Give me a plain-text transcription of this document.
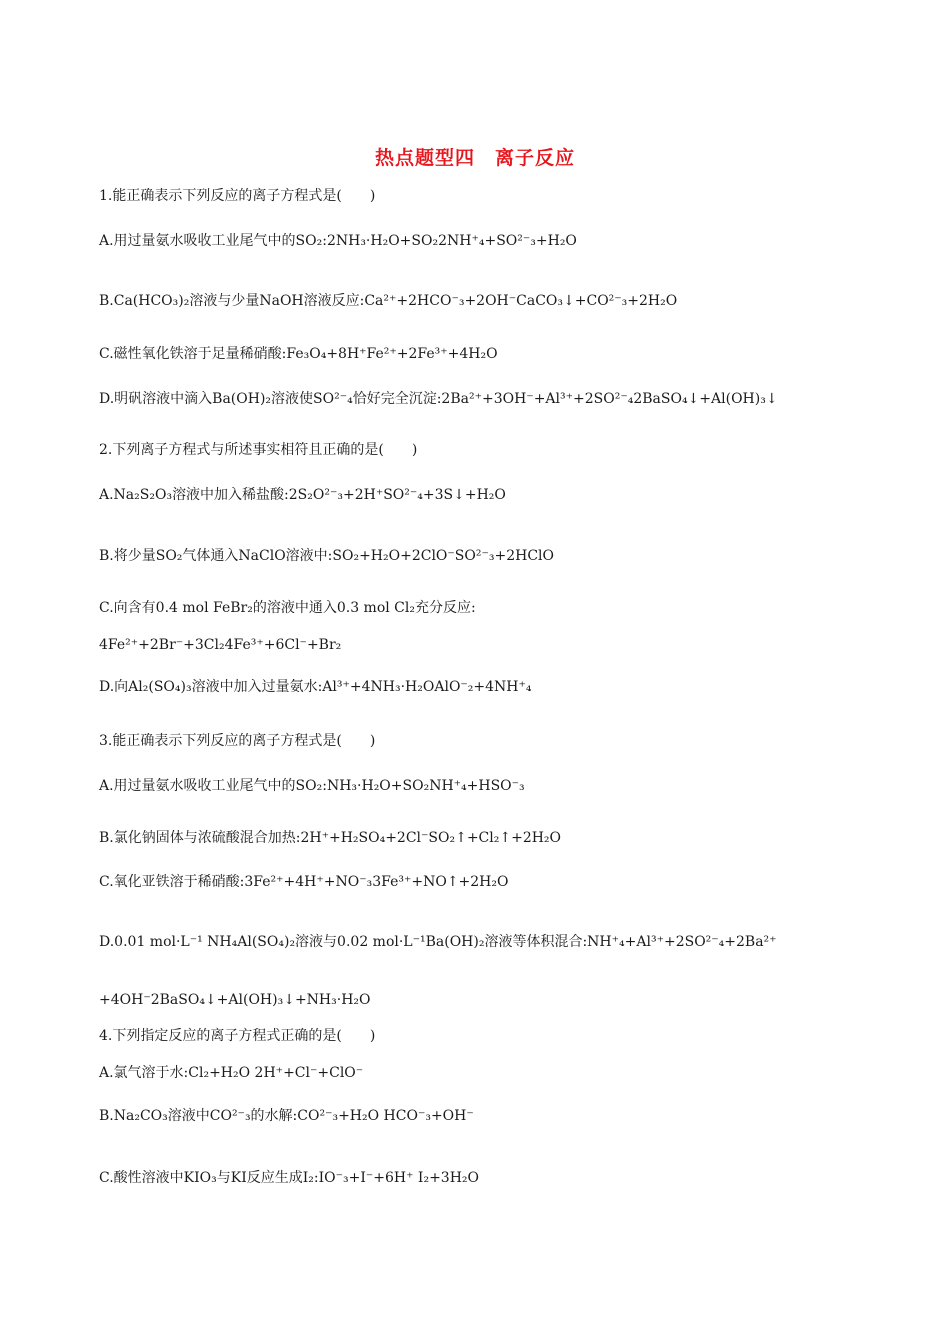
热点题型四　离子反应

1.能正确表示下列反应的离子方程式是(　　)

A.用过量氨水吸收工业尾气中的SO₂:2NH₃·H₂O+SO₂2NH⁺₄+SO²⁻₃+H₂O

B.Ca(HCO₃)₂溶液与少量NaOH溶液反应:Ca²⁺+2HCO⁻₃+2OH⁻CaCO₃↓+CO²⁻₃+2H₂O

C.磁性氧化铁溶于足量稀硝酸:Fe₃O₄+8H⁺Fe²⁺+2Fe³⁺+4H₂O

D.明矾溶液中滴入Ba(OH)₂溶液使SO²⁻₄恰好完全沉淀:2Ba²⁺+3OH⁻+Al³⁺+2SO²⁻₄2BaSO₄↓+Al(OH)₃↓

2.下列离子方程式与所述事实相符且正确的是(　　)

A.Na₂S₂O₃溶液中加入稀盐酸:2S₂O²⁻₃+2H⁺SO²⁻₄+3S↓+H₂O

B.将少量SO₂气体通入NaClO溶液中:SO₂+H₂O+2ClO⁻SO²⁻₃+2HClO

C.向含有0.4 mol FeBr₂的溶液中通入0.3 mol Cl₂充分反应:

4Fe²⁺+2Br⁻+3Cl₂4Fe³⁺+6Cl⁻+Br₂

D.向Al₂(SO₄)₃溶液中加入过量氨水:Al³⁺+4NH₃·H₂OAlO⁻₂+4NH⁺₄

3.能正确表示下列反应的离子方程式是(　　)

A.用过量氨水吸收工业尾气中的SO₂:NH₃·H₂O+SO₂NH⁺₄+HSO⁻₃

B.氯化钠固体与浓硫酸混合加热:2H⁺+H₂SO₄+2Cl⁻SO₂↑+Cl₂↑+2H₂O

C.氧化亚铁溶于稀硝酸:3Fe²⁺+4H⁺+NO⁻₃3Fe³⁺+NO↑+2H₂O

D.0.01 mol·L⁻¹ NH₄Al(SO₄)₂溶液与0.02 mol·L⁻¹Ba(OH)₂溶液等体积混合:NH⁺₄+Al³⁺+2SO²⁻₄+2Ba²⁺

+4OH⁻2BaSO₄↓+Al(OH)₃↓+NH₃·H₂O

4.下列指定反应的离子方程式正确的是(　　)

A.氯气溶于水:Cl₂+H₂O 2H⁺+Cl⁻+ClO⁻

B.Na₂CO₃溶液中CO²⁻₃的水解:CO²⁻₃+H₂O HCO⁻₃+OH⁻

C.酸性溶液中KIO₃与KI反应生成I₂:IO⁻₃+I⁻+6H⁺ I₂+3H₂O
